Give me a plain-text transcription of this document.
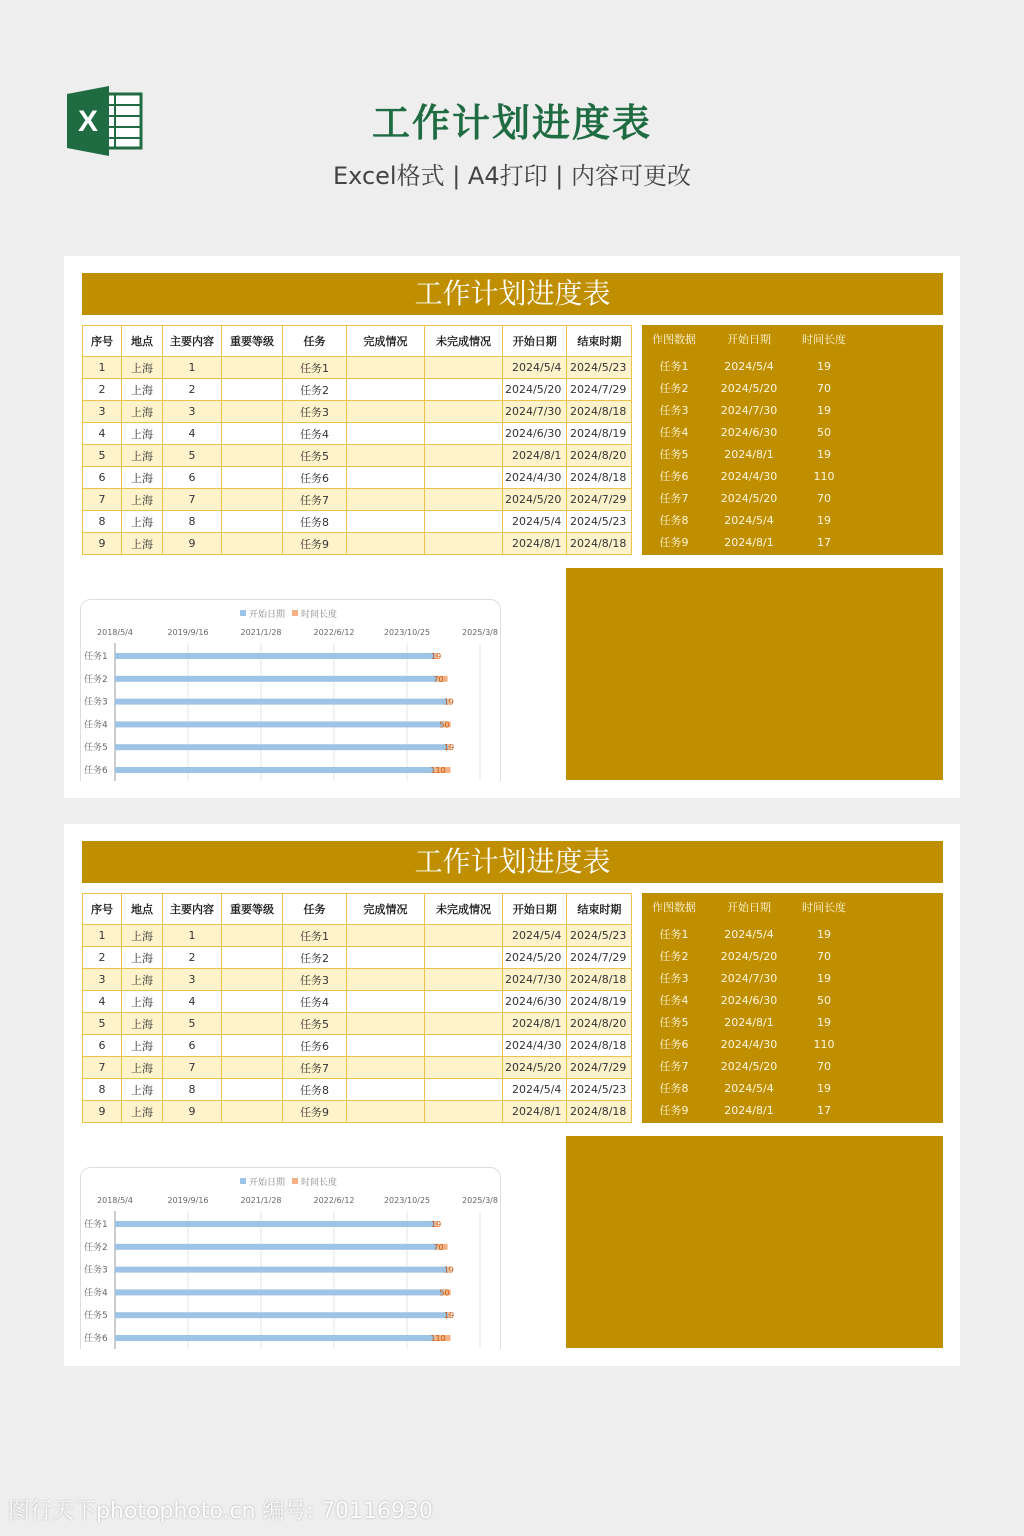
X	工作计划进度表
Excel格式 | A4打印 | 内容可更改
工作计划进度表
序号	地点	主要内容	重要等级	任务	完成情况	未完成情况	开始日期	结束时期
1	上海	1		任务1			2024/5/4	2024/5/23
2	上海	2		任务2			2024/5/20	2024/7/29
3	上海	3		任务3			2024/7/30	2024/8/18
4	上海	4		任务4			2024/6/30	2024/8/19
5	上海	5		任务5			2024/8/1	2024/8/20
6	上海	6		任务6			2024/4/30	2024/8/18
7	上海	7		任务7			2024/5/20	2024/7/29
8	上海	8		任务8			2024/5/4	2024/5/23
9	上海	9		任务9			2024/8/1	2024/8/18
作图数据	开始日期	时间长度
任务1	2024/5/4	19
任务2	2024/5/20	70
任务3	2024/7/30	19
任务4	2024/6/30	50
任务5	2024/8/1	19
任务6	2024/4/30	110
任务7	2024/5/20	70
任务8	2024/5/4	19
任务9	2024/8/1	17
开始日期 时间长度
2018/5/4	2019/9/16	2021/1/28	2022/6/12	2023/10/25	2025/3/8
任务1	19
任务2	70
任务3	19
任务4	50
任务5	19
任务6	110
工作计划进度表
序号	地点	主要内容	重要等级	任务	完成情况	未完成情况	开始日期	结束时期
1	上海	1		任务1			2024/5/4	2024/5/23
2	上海	2		任务2			2024/5/20	2024/7/29
3	上海	3		任务3			2024/7/30	2024/8/18
4	上海	4		任务4			2024/6/30	2024/8/19
5	上海	5		任务5			2024/8/1	2024/8/20
6	上海	6		任务6			2024/4/30	2024/8/18
7	上海	7		任务7			2024/5/20	2024/7/29
8	上海	8		任务8			2024/5/4	2024/5/23
9	上海	9		任务9			2024/8/1	2024/8/18
作图数据	开始日期	时间长度
任务1	2024/5/4	19
任务2	2024/5/20	70
任务3	2024/7/30	19
任务4	2024/6/30	50
任务5	2024/8/1	19
任务6	2024/4/30	110
任务7	2024/5/20	70
任务8	2024/5/4	19
任务9	2024/8/1	17
开始日期 时间长度
2018/5/4	2019/9/16	2021/1/28	2022/6/12	2023/10/25	2025/3/8
任务1	19
任务2	70
任务3	19
任务4	50
任务5	19
任务6	110
图行天下photophoto.cn 编号: 70116930
